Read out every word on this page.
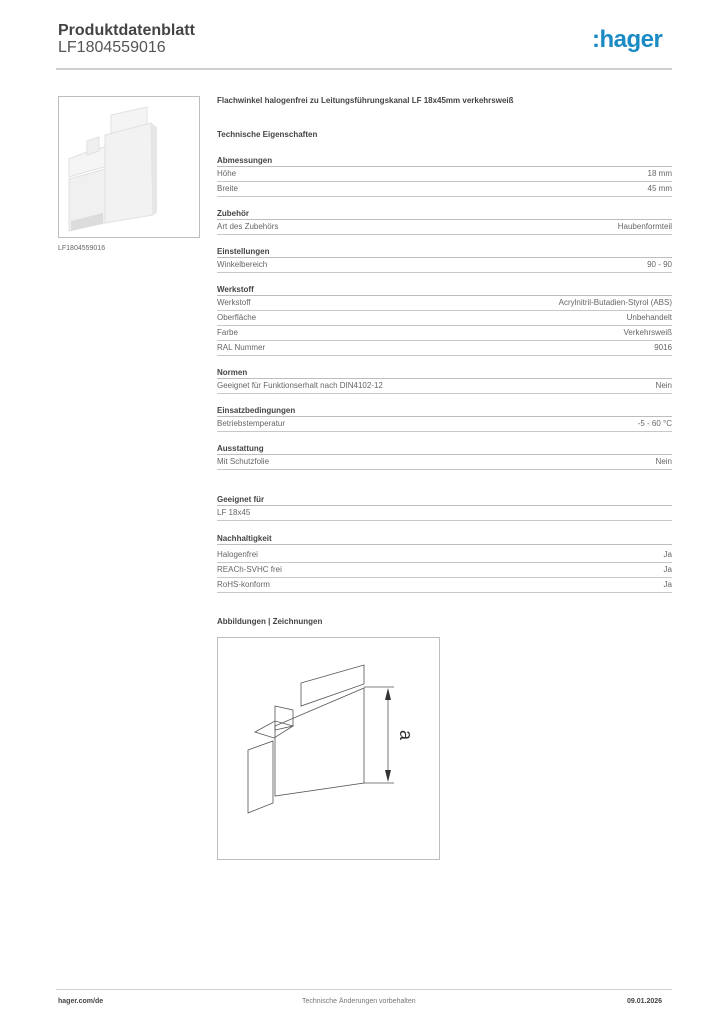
Produktdatenblatt
LF1804559016	:hager
LF1804559016
Flachwinkel halogenfrei zu Leitungsführungskanal LF 18x45mm verkehrsweiß
Technische Eigenschaften
Abmessungen
Höhe	18 mm
Breite	45 mm
Zubehör
Art des Zubehörs	Haubenformteil
Einstellungen
Winkelbereich	90 - 90
Werkstoff
Werkstoff	Acrylnitril-Butadien-Styrol (ABS)
Oberfläche	Unbehandelt
Farbe	Verkehrsweiß
RAL Nummer	9016
Normen
Geeignet für Funktionserhalt nach DIN4102-12	Nein
Einsatzbedingungen
Betriebstemperatur	-5 - 60 °C
Ausstattung
Mit Schutzfolie	Nein
Geeignet für
LF 18x45
Nachhaltigkeit
Halogenfrei	Ja
REACh-SVHC frei	Ja
RoHS-konform	Ja
Abbildungen | Zeichnungen
a
hager.com/de	Technische Änderungen vorbehalten	09.01.2026
